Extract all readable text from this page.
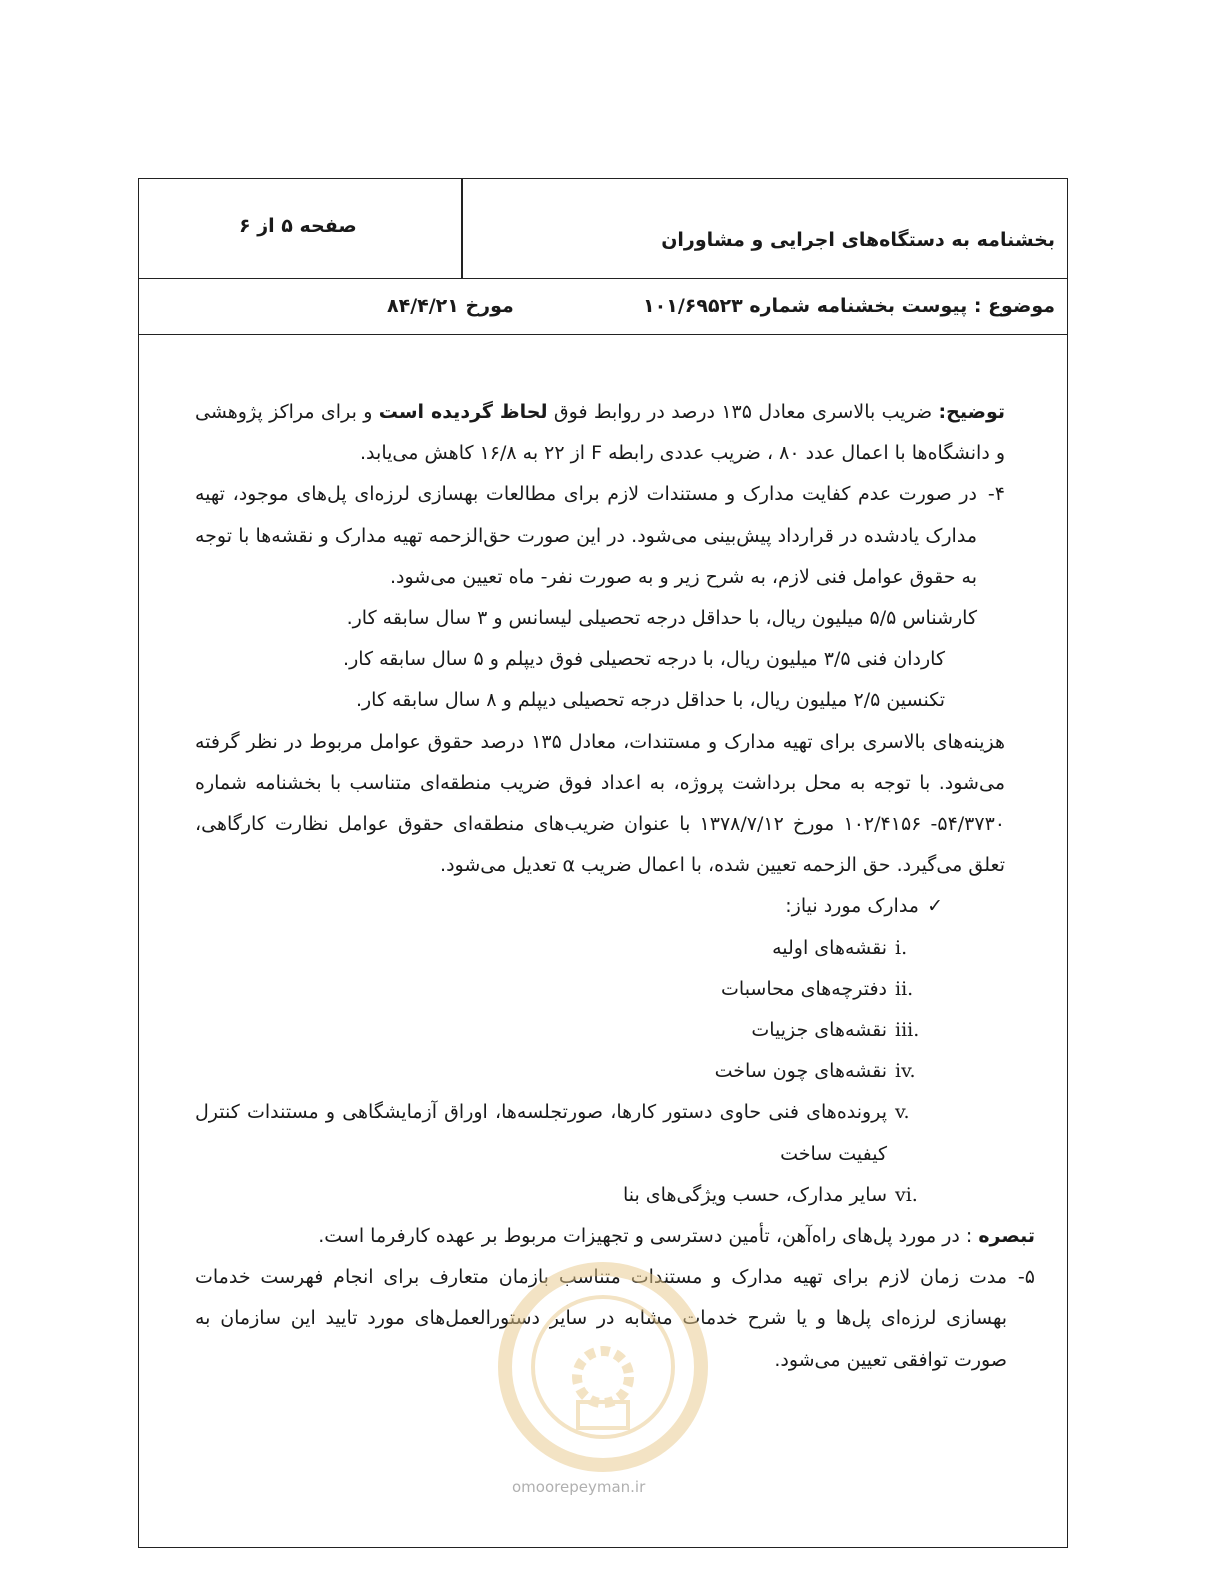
بخشنامه به دستگاه‌های اجرایی و مشاوران
صفحه ۵ از ۶
موضوع : پیوست بخشنامه شماره ۱۰۱/۶۹۵۲۳
مورخ ۸۴/۴/۲۱

توضیح: ضریب بالاسری معادل ۱۳۵ درصد در روابط فوق لحاظ گردیده است و برای مراکز پژوهشی و دانشگاه‌ها با اعمال عدد ۸۰ ، ضریب عددی رابطه F از ۲۲ به ۱۶/۸ کاهش می‌یابد.

۴-در صورت عدم کفایت مدارک و مستندات لازم برای مطالعات بهسازی لرزه‌ای پل‌های موجود، تهیه مدارک یادشده در قرارداد پیش‌بینی می‌شود. در این صورت حق‌الزحمه تهیه مدارک و نقشه‌ها با توجه به حقوق عوامل فنی لازم، به شرح زیر و به صورت نفر- ماه تعیین می‌شود.

کارشناس ۵/۵ میلیون ریال، با حداقل درجه تحصیلی لیسانس و ۳ سال سابقه کار.

کاردان فنی ۳/۵ میلیون ریال، با درجه تحصیلی فوق دیپلم و ۵ سال سابقه کار.

تکنسین ۲/۵ میلیون ریال، با حداقل درجه تحصیلی دیپلم و ۸ سال سابقه کار.

هزینه‌های بالاسری برای تهیه مدارک و مستندات، معادل ۱۳۵ درصد حقوق عوامل مربوط در نظر گرفته می‌شود. با توجه به محل برداشت پروژه، به اعداد فوق ضریب منطقه‌ای متناسب با بخشنامه شماره ۵۴/۳۷۳۰- ۱۰۲/۴۱۵۶ مورخ ۱۳۷۸/۷/۱۲ با عنوان ضریب‌های منطقه‌ای حقوق عوامل نظارت کارگاهی، تعلق می‌گیرد. حق الزحمه تعیین شده، با اعمال ضریب α تعدیل می‌شود.

✓مدارک مورد نیاز:

i.
نقشه‌های اولیه

ii.
دفترچه‌های محاسبات

iii.
نقشه‌های جزییات

iv.
نقشه‌های چون ساخت

v.
پرونده‌های فنی حاوی دستور کارها، صورتجلسه‌ها، اوراق آزمایشگاهی و مستندات کنترل کیفیت ساخت

vi.
سایر مدارک، حسب ویژگی‌های بنا

تبصره : در مورد پل‌های راه‌آهن، تأمین دسترسی و تجهیزات مربوط بر عهده کارفرما است.

۵-مدت زمان لازم برای تهیه مدارک و مستندات متناسب بازمان متعارف برای انجام فهرست خدمات بهسازی لرزه‌ای پل‌ها و یا شرح خدمات مشابه در سایر دستورالعمل‌های مورد تایید این سازمان به صورت توافقی تعیین می‌شود.

omoorepeyman.ir
